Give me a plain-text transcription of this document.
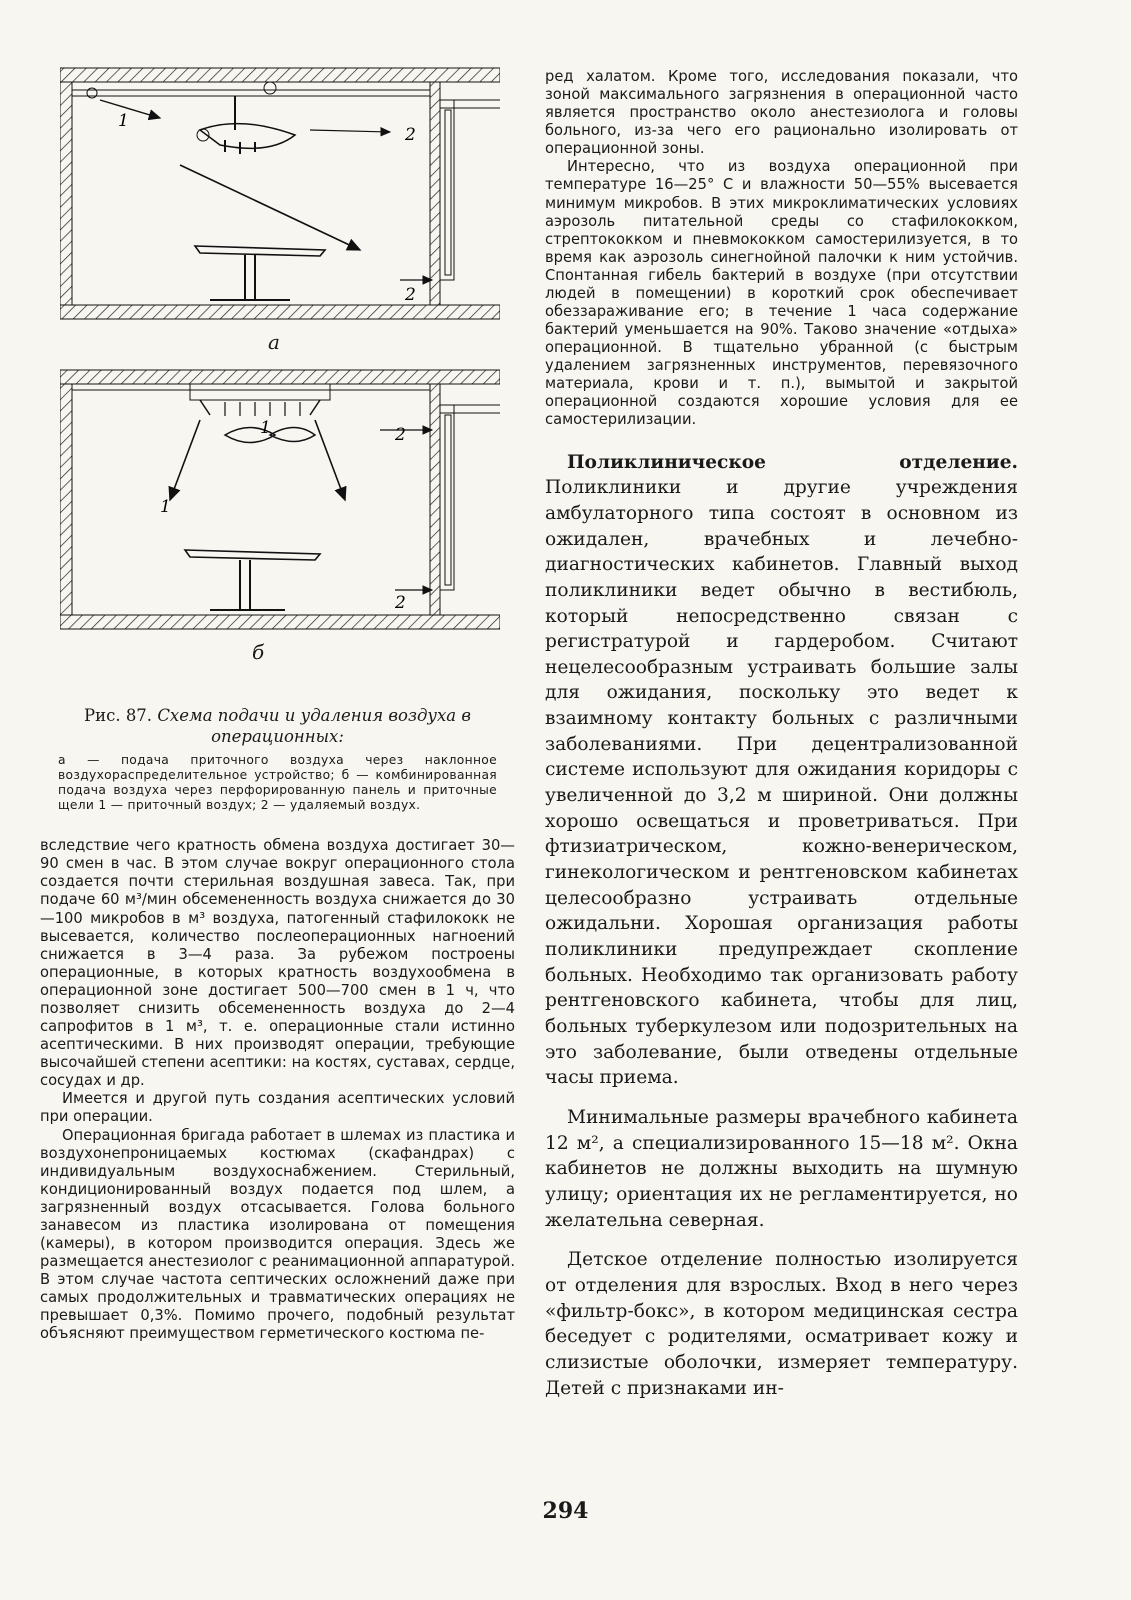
1
2
2
1
1	2
2
а
б
Рис. 87. Схема подачи и удаления воздуха в операционных:
а — подача приточного воздуха через наклонное воздухораспределительное устройство; б — комбинированная подача воздуха через перфорированную панель и приточные щели 1 — приточный воздух; 2 — удаляемый воздух.

вследствие чего кратность обмена воздуха достигает 30—90 смен в час. В этом случае вокруг операционного стола создается почти стерильная воздушная завеса. Так, при подаче 60 м³/мин обсемененность воздуха снижается до 30—100 микробов в м³ воздуха, патогенный стафилококк не высевается, количество послеоперационных нагноений снижается в 3—4 раза. За рубежом построены операционные, в которых кратность воздухообмена в операционной зоне достигает 500—700 смен в 1 ч, что позволяет снизить обсемененность воздуха до 2—4 сапрофитов в 1 м³, т. е. операционные стали истинно асептическими. В них производят операции, требующие высочайшей степени асептики: на костях, суставах, сердце, сосудах и др.

Имеется и другой путь создания асептических условий при операции.

Операционная бригада работает в шлемах из пластика и воздухонепроницаемых костюмах (скафандрах) с индивидуальным воздухоснабжением. Стерильный, кондиционированный воздух подается под шлем, а загрязненный воздух отсасывается. Голова больного занавесом из пластика изолирована от помещения (камеры), в котором производится операция. Здесь же размещается анестезиолог с реанимационной аппаратурой. В этом случае частота септических осложнений даже при самых продолжительных и травматических операциях не превышает 0,3%. Помимо прочего, подобный результат объясняют преимуществом герметического костюма пе-

ред халатом. Кроме того, исследования показали, что зоной максимального загрязнения в операционной часто является пространство около анестезиолога и головы больного, из-за чего его рационально изолировать от операционной зоны.

Интересно, что из воздуха операционной при температуре 16—25° С и влажности 50—55% высевается минимум микробов. В этих микроклиматических условиях аэрозоль питательной среды со стафилококком, стрептококком и пневмококком самостерилизуется, в то время как аэрозоль синегнойной палочки к ним устойчив. Спонтанная гибель бактерий в воздухе (при отсутствии людей в помещении) в короткий срок обеспечивает обеззараживание его; в течение 1 часа содержание бактерий уменьшается на 90%. Таково значение «отдыха» операционной. В тщательно убранной (с быстрым удалением загрязненных инструментов, перевязочного материала, крови и т. п.), вымытой и закрытой операционной создаются хорошие условия для ее самостерилизации.

Поликлиническое отделение. Поликлиники и другие учреждения амбулаторного типа состоят в основном из ожидален, врачебных и лечебно-диагностических кабинетов. Главный выход поликлиники ведет обычно в вестибюль, который непосредственно связан с регистратурой и гардеробом. Считают нецелесообразным устраивать большие залы для ожидания, поскольку это ведет к взаимному контакту больных с различными заболеваниями. При децентрализованной системе используют для ожидания коридоры с увеличенной до 3,2 м шириной. Они должны хорошо освещаться и проветриваться. При фтизиатрическом, кожно-венерическом, гинекологическом и рентгеновском кабинетах целесообразно устраивать отдельные ожидальни. Хорошая организация работы поликлиники предупреждает скопление больных. Необходимо так организовать работу рентгеновского кабинета, чтобы для лиц, больных туберкулезом или подозрительных на это заболевание, были отведены отдельные часы приема.

Минимальные размеры врачебного кабинета 12 м², а специализированного 15—18 м². Окна кабинетов не должны выходить на шумную улицу; ориентация их не регламентируется, но желательна северная.

Детское отделение полностью изолируется от отделения для взрослых. Вход в него через «фильтр-бокс», в котором медицинская сестра беседует с родителями, осматривает кожу и слизистые оболочки, измеряет температуру. Детей с признаками ин-

294
